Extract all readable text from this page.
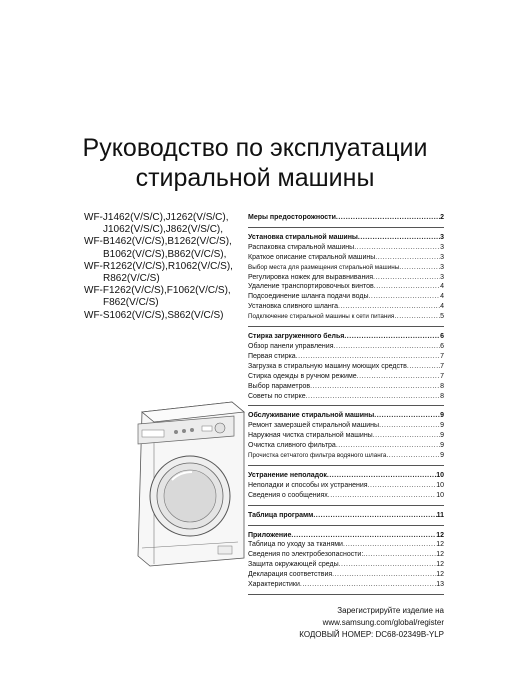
Руководство по эксплуатации
стиральной машины
WF-J1462(V/S/C),J1262(V/S/C),
J1062(V/S/C),J862(V/S/C),
WF-B1462(V/C/S),B1262(V/C/S),
B1062(V/C/S),B862(V/C/S),
WF-R1262(V/C/S),R1062(V/C/S),
R862(V/C/S)
WF-F1262(V/C/S),F1062(V/C/S),
F862(V/C/S)
WF-S1062(V/C/S),S862(V/C/S)
Меры предосторожности .....	2
Установка стиральной машины .....	3
Распаковка стиральной машины .....	3
Краткое описание стиральной машины .....	3
Выбор места для размещения стиральной машины .....	3
Регулировка ножек для выравнивания .....	3
Удаление транспортировочных винтов .....	4
Подсоединение шланга подачи воды .....	4
Установка сливного шланга .....	4
Подключение стиральной машины к сети питания .....	5
Стирка загруженного белья .....	6
Обзор панели управления .....	6
Первая стирка .....	7
Загрузка в стиральную машину моющих средств .....	7
Стирка одежды в ручном режиме .....	7
Выбор параметров .....	8
Советы по стирке .....	8
Обслуживание стиральной машины .....	9
Ремонт замерзшей стиральной машины .....	9
Наружная чистка стиральной машины .....	9
Очистка сливного фильтра .....	9
Прочистка сетчатого фильтра водяного шланга .....	9
Устранение неполадок .....	10
Неполадки и способы их устранения .....	10
Сведения о сообщениях .....	10
Таблица программ .....	11
Приложение .....	12
Таблица по уходу за тканями .....	12
Сведения по электробезопасности: .....	12
Защита окружающей среды .....	12
Декларация соответствия .....	12
Характеристики .....	13
Зарегистрируйте изделие на
www.samsung.com/global/register
КОДОВЫЙ НОМЕР: DC68-02349B-YLP
